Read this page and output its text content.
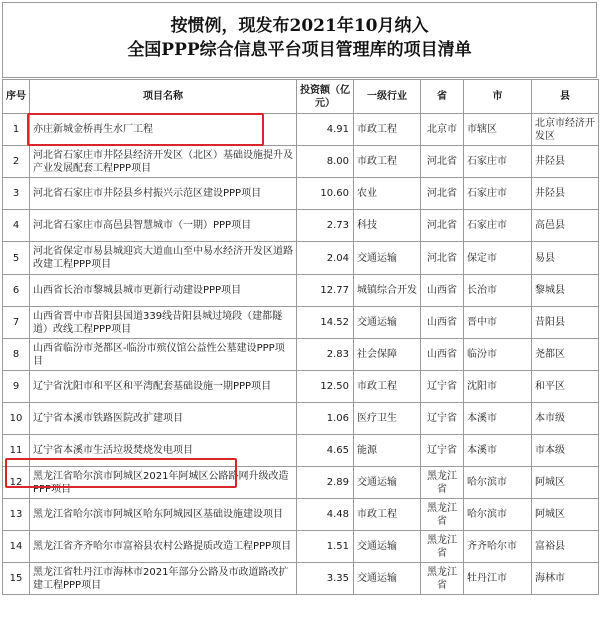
按惯例，现发布2021年10月纳入
全国PPP综合信息平台项目管理库的项目清单
序号	项目名称	投资额（亿元）	一级行业	省	市	县
1	亦庄新城金桥再生水厂工程	4.91	市政工程	北京市	市辖区	北京市经济开发区
2	河北省石家庄市井陉县经济开发区（北区）基础设施提升及产业发展配套工程PPP项目	8.00	市政工程	河北省	石家庄市	井陉县
3	河北省石家庄市井陉县乡村振兴示范区建设PPP项目	10.60	农业	河北省	石家庄市	井陉县
4	河北省石家庄市高邑县智慧城市（一期）PPP项目	2.73	科技	河北省	石家庄市	高邑县
5	河北省保定市易县城迎宾大道血山至中易水经济开发区道路改建工程PPP项目	2.04	交通运输	河北省	保定市	易县
6	山西省长治市黎城县城市更新行动建设PPP项目	12.77	城镇综合开发	山西省	长治市	黎城县
7	山西省晋中市昔阳县国道339线昔阳县城过境段（建都隧道）改线工程PPP项目	14.52	交通运输	山西省	晋中市	昔阳县
8	山西省临汾市尧都区-临汾市殡仪馆公益性公墓建设PPP项目	2.83	社会保障	山西省	临汾市	尧都区
9	辽宁省沈阳市和平区和平湾配套基础设施一期PPP项目	12.50	市政工程	辽宁省	沈阳市	和平区
10	辽宁省本溪市铁路医院改扩建项目	1.06	医疗卫生	辽宁省	本溪市	本市级
11	辽宁省本溪市生活垃圾焚烧发电项目	4.65	能源	辽宁省	本溪市	市本级
12	黑龙江省哈尔滨市阿城区2021年阿城区公路路网升级改造PPP项目	2.89	交通运输	黑龙江省	哈尔滨市	阿城区
13	黑龙江省哈尔滨市阿城区哈东阿城园区基础设施建设项目	4.48	市政工程	黑龙江省	哈尔滨市	阿城区
14	黑龙江省齐齐哈尔市富裕县农村公路提质改造工程PPP项目	1.51	交通运输	黑龙江省	齐齐哈尔市	富裕县
15	黑龙江省牡丹江市海林市2021年部分公路及市政道路改扩建工程PPP项目	3.35	交通运输	黑龙江省	牡丹江市	海林市
